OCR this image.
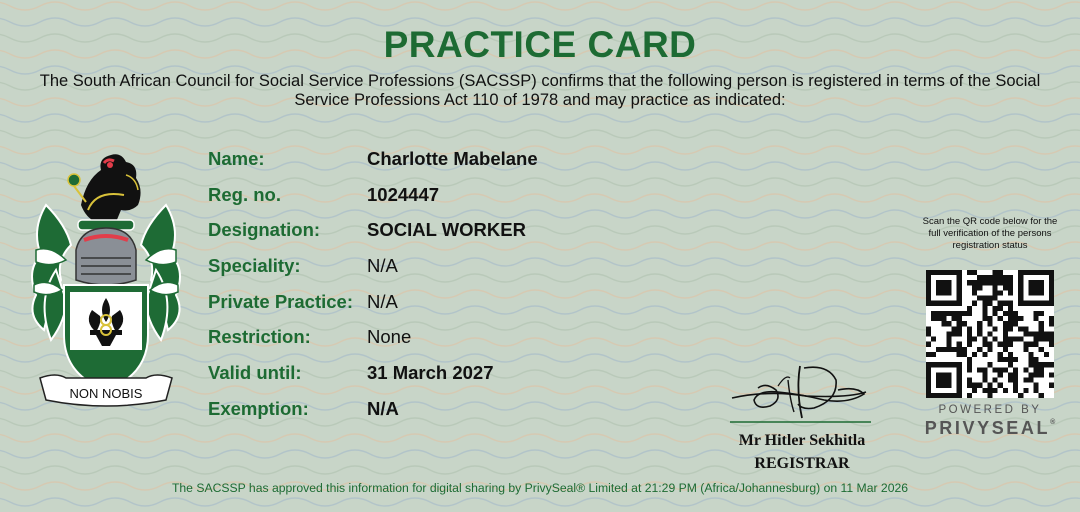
PRACTICE CARD
The South African Council for Social Service Professions (SACSSP) confirms that the following person is registered in terms of the Social Service Professions Act 110 of 1978 and may practice as indicated:
NON NOBIS
Name:	Charlotte Mabelane
Reg. no.	1024447
Designation:	SOCIAL WORKER
Speciality:	N/A
Private Practice: N/A
Restriction:	None
Valid until:	31 March 2027
Exemption:	N/A
Mr Hitler Sekhitla
REGISTRAR
Scan the QR code below for the full verification of the persons registration status
POWERED BY
PRIVYSEAL®
The SACSSP has approved this information for digital sharing by PrivySeal® Limited at 21:29 PM (Africa/Johannesburg) on 11 Mar 2026
